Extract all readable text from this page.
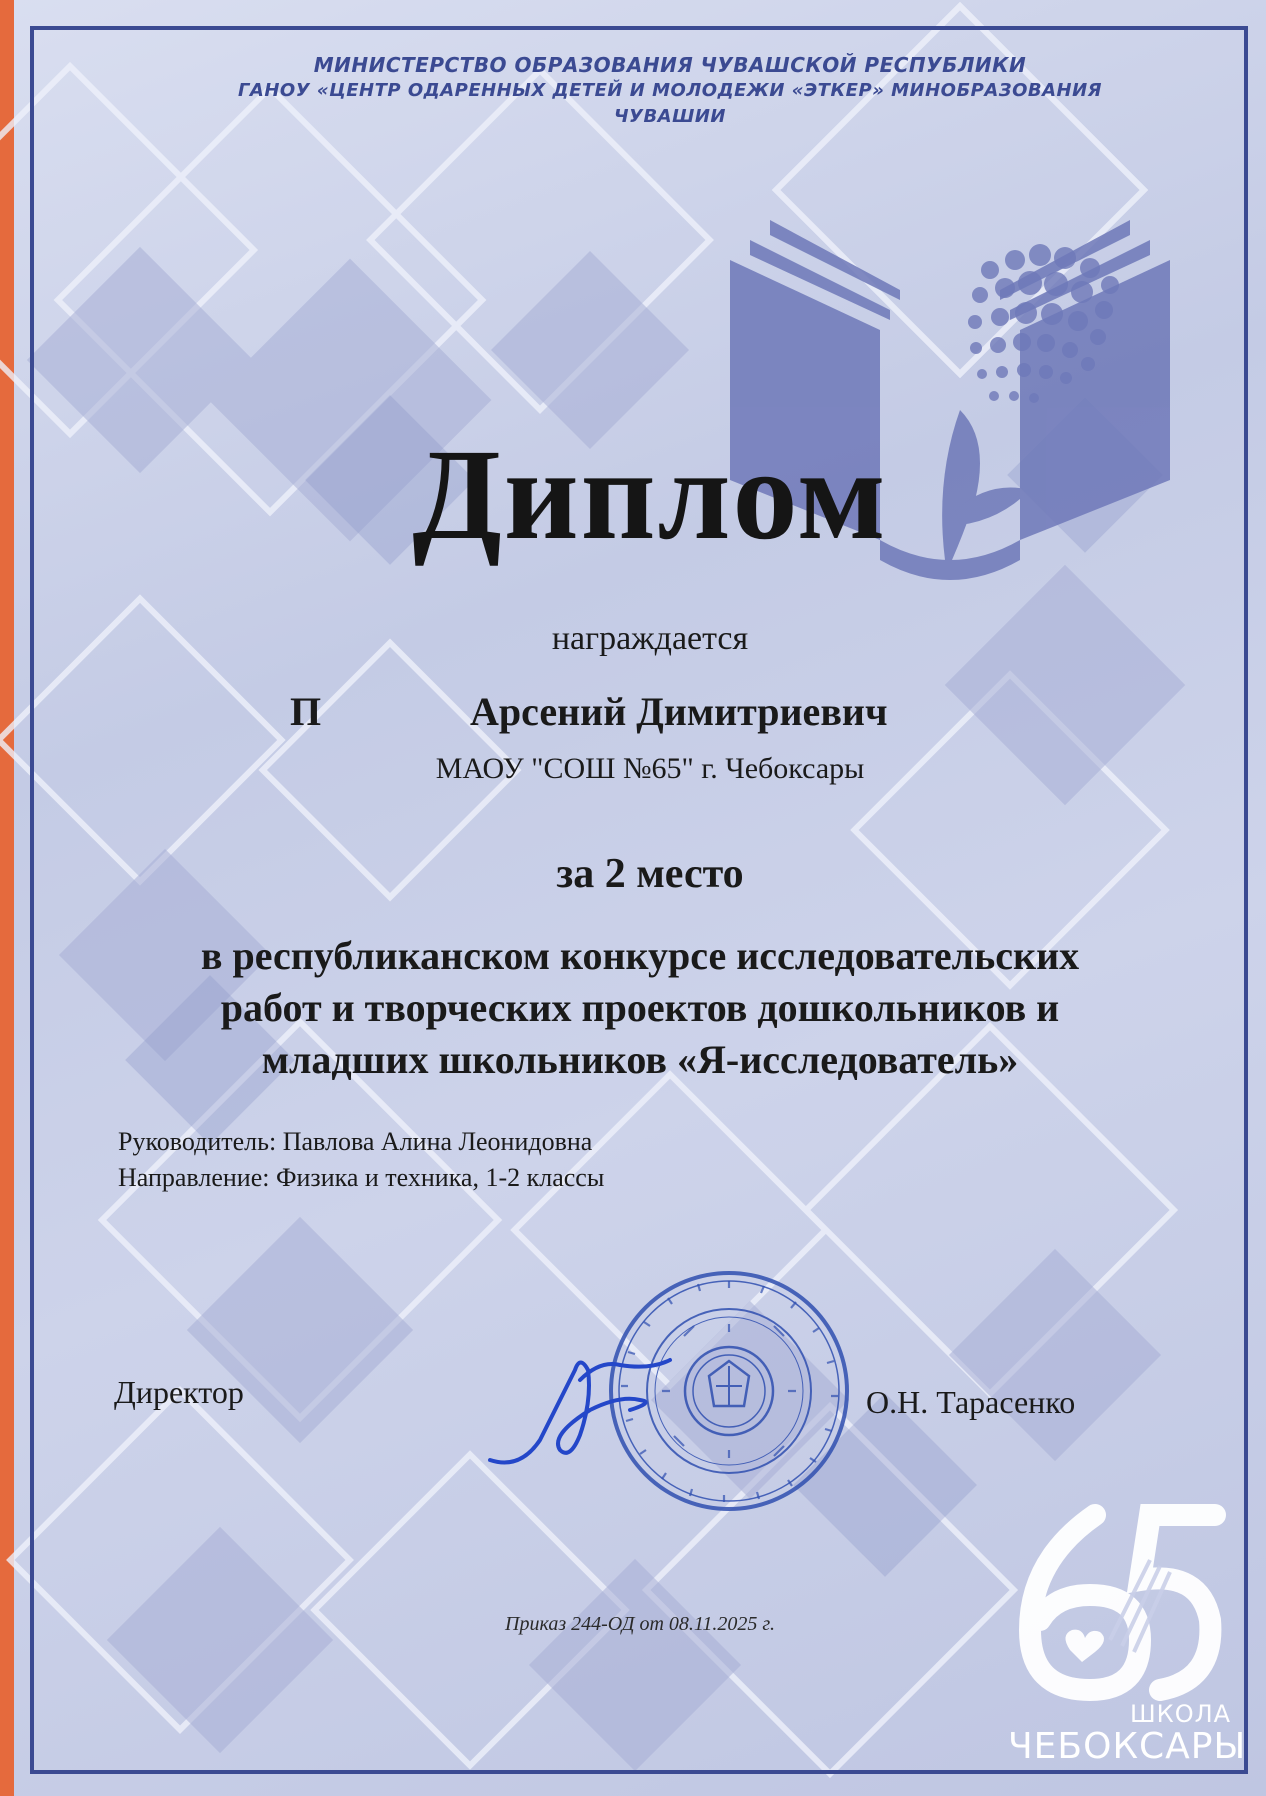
МИНИСТЕРСТВО ОБРАЗОВАНИЯ ЧУВАШСКОЙ РЕСПУБЛИКИ
ГАНОУ «ЦЕНТР ОДАРЕННЫХ ДЕТЕЙ И МОЛОДЕЖИ «ЭТКЕР» МИНОБРАЗОВАНИЯ ЧУВАШИИ
Диплом
награждается
П	Арсений Димитриевич
МАОУ "СОШ №65" г. Чебоксары
за 2 место
в республиканском конкурсе исследовательских
работ и творческих проектов дошкольников и
младших школьников «Я-исследователь»
Руководитель: Павлова Алина Леонидовна
Направление: Физика и техника, 1-2 классы
Директор	О.Н. Тарасенко
Приказ 244-ОД от 08.11.2025 г.
ШКОЛА
ЧЕБОКСАРЫ
